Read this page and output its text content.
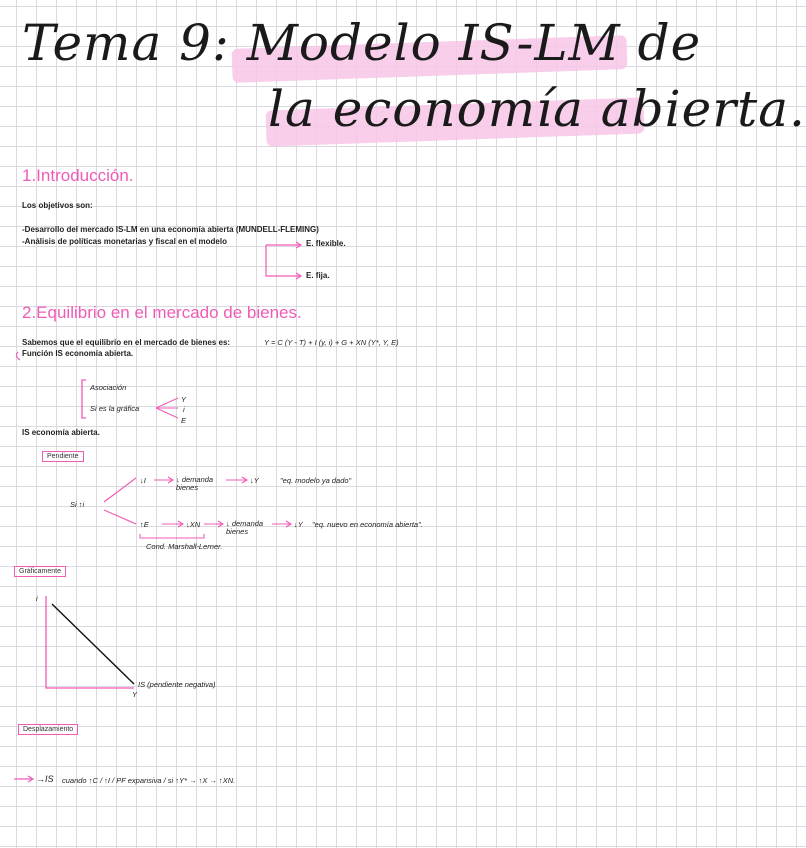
Tema 9: Modelo IS-LM de
la economía abierta.
1.Introducción.
Los objetivos son:
-Desarrollo del mercado IS-LM en una economía abierta (MUNDELL-FLEMING)
-Análisis de políticas monetarias y fiscal en el modelo	E. flexible.
E. fija.
2.Equilibrio en el mercado de bienes.
Sabemos que el equilibrio en el mercado de bienes es:	Y = C (Y - T) + I (y, i) + G + XN (Y*, Y, E)
Función IS economía abierta.
Asociación
Si es la gráfica
Y
i
E
IS economía abierta.
Pendiente
Si ↑i
↓I	↓ demanda bienes
↓Y	"eq. modelo ya dado"
↑E	↓XN	↓ demanda bienes
↓Y "eq. nuevo en economía abierta".
Cond. Marshall-Lerner.
Gráficamente
i
Y
IS (pendiente negativa)
Desplazamiento
→IS cuando ↑C / ↑I / PF expansiva / si ↑Y* → ↑X → ↑XN.
